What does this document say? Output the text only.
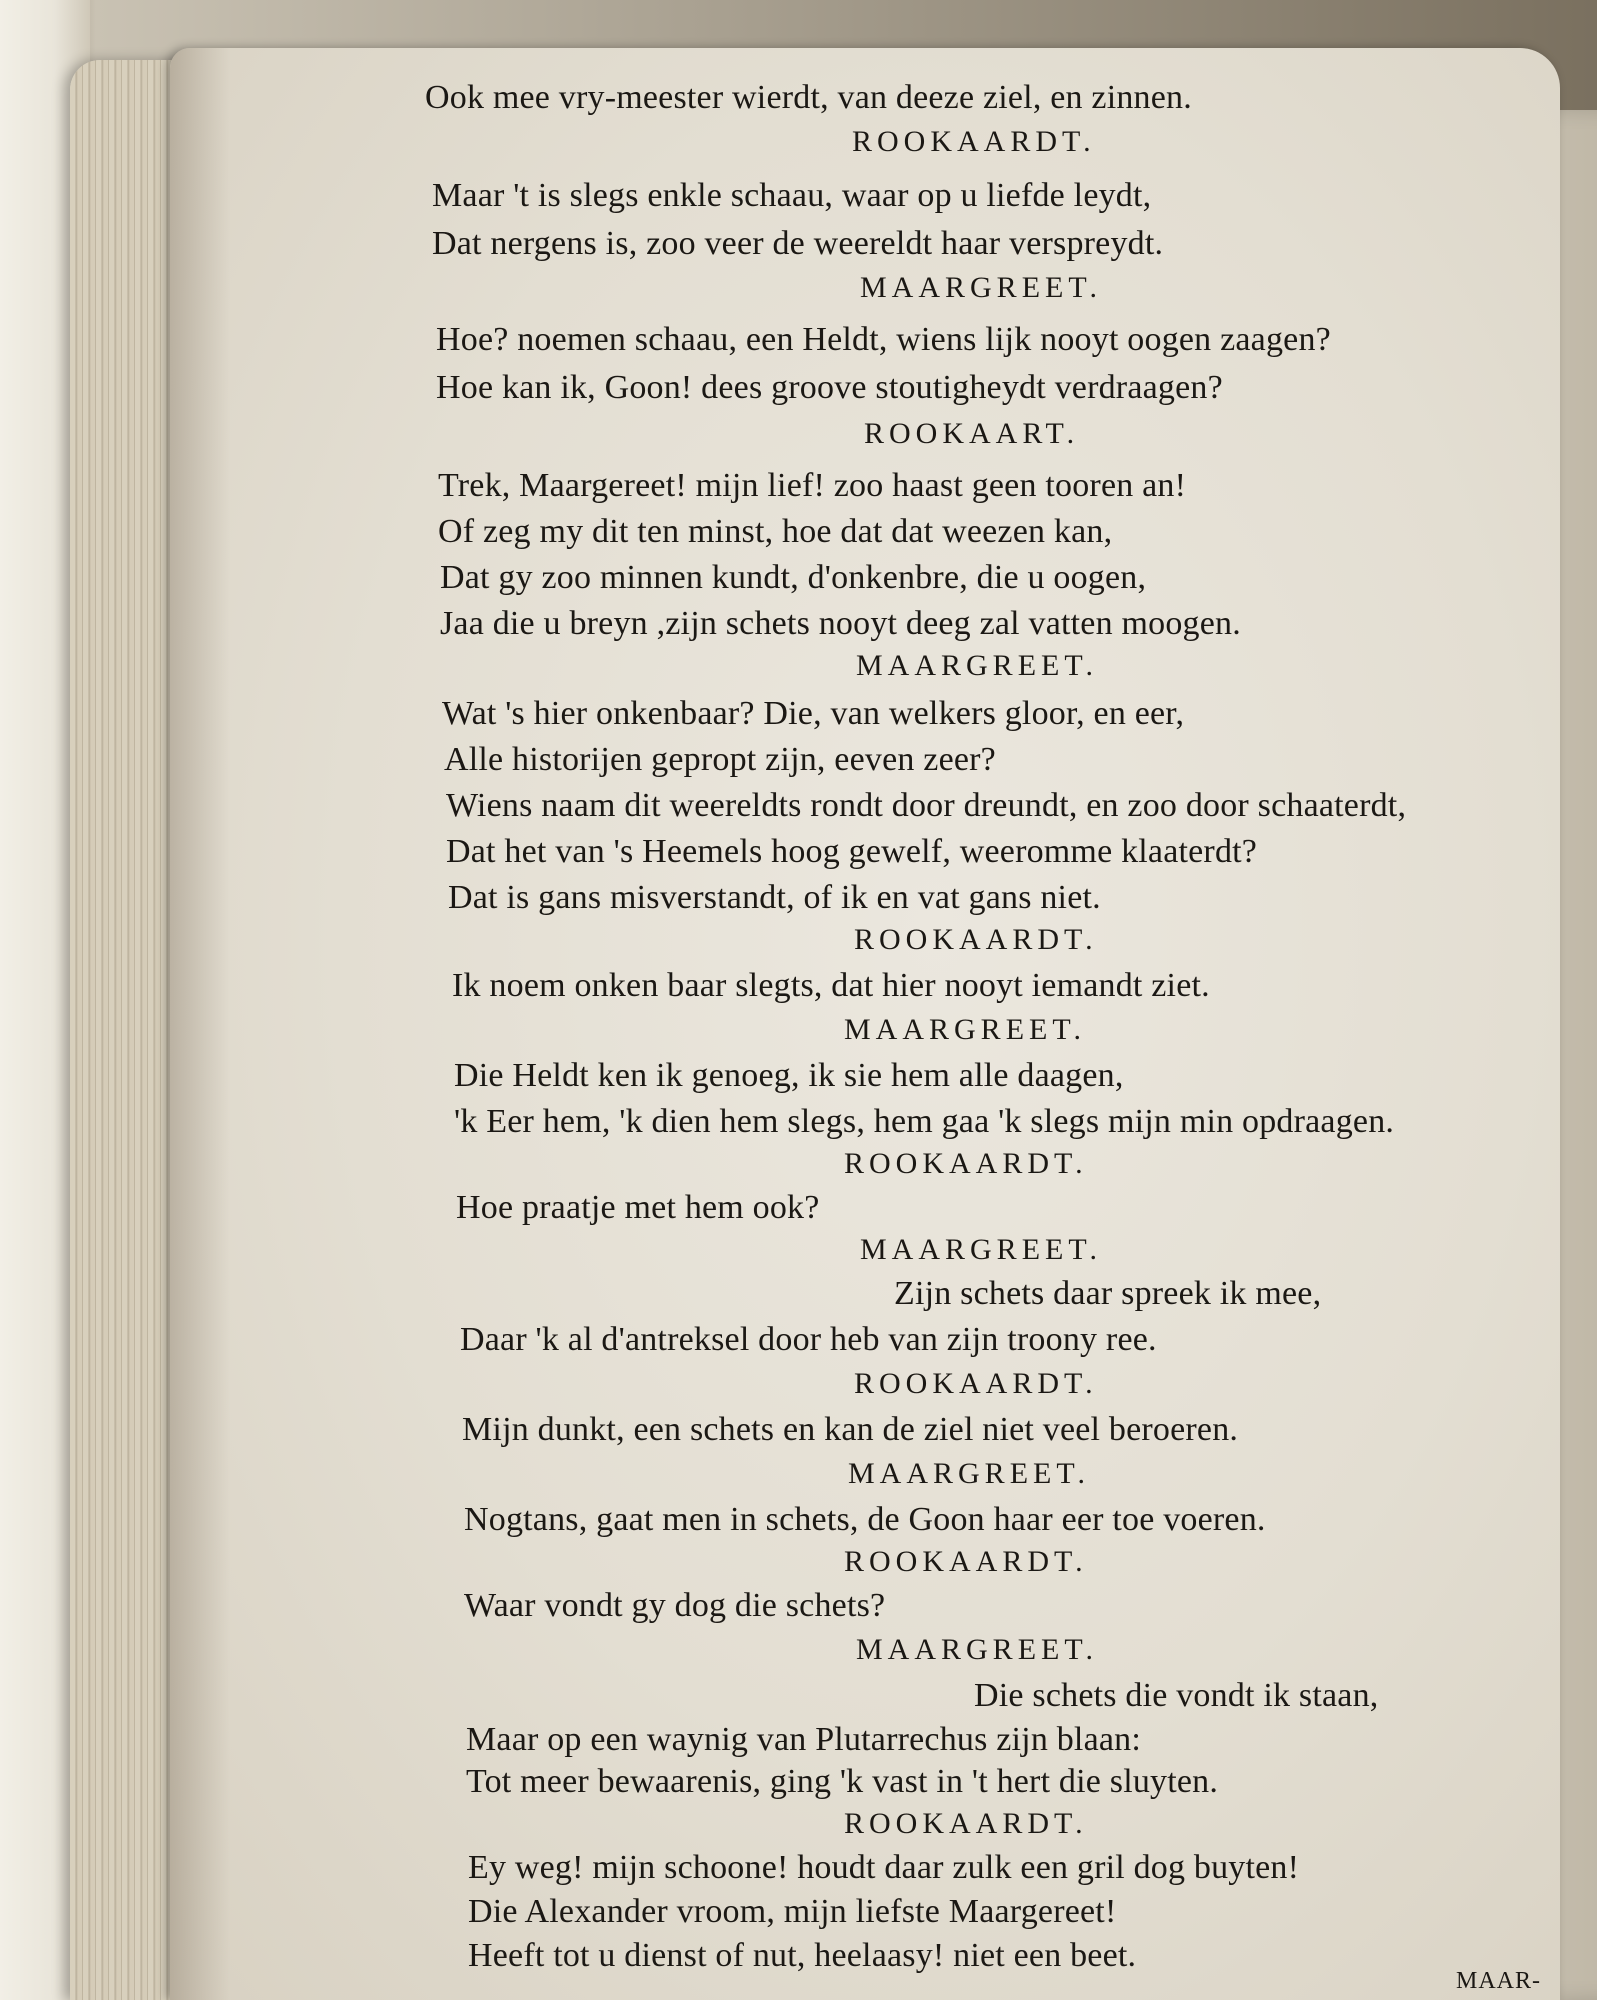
Ook mee vry-meester wierdt, van deeze ziel, en zinnen.
ROOKAARDT.
Maar 't is slegs enkle schaau, waar op u liefde leydt,
Dat nergens is, zoo veer de weereldt haar verspreydt.
MAARGREET.
Hoe? noemen schaau, een Heldt, wiens lijk nooyt oogen zaagen?
Hoe kan ik, Goon! dees groove stoutigheydt verdraagen?
ROOKAART.
Trek, Maargereet! mijn lief! zoo haast geen tooren an!
Of zeg my dit ten minst, hoe dat dat weezen kan,
Dat gy zoo minnen kundt, d'onkenbre, die u oogen,
Jaa die u breyn ,zijn schets nooyt deeg zal vatten moogen.
MAARGREET.
Wat 's hier onkenbaar? Die, van welkers gloor, en eer,
Alle historijen gepropt zijn, eeven zeer?
Wiens naam dit weereldts rondt door dreundt, en zoo door schaaterdt,
Dat het van 's Heemels hoog gewelf, weeromme klaaterdt?
Dat is gans misverstandt, of ik en vat gans niet.
ROOKAARDT.
Ik noem onken baar slegts, dat hier nooyt iemandt ziet.
MAARGREET.
Die Heldt ken ik genoeg, ik sie hem alle daagen,
'k Eer hem, 'k dien hem slegs, hem gaa 'k slegs mijn min opdraagen.
ROOKAARDT.
Hoe praatje met hem ook?
MAARGREET.
Zijn schets daar spreek ik mee,
Daar 'k al d'antreksel door heb van zijn troony ree.
ROOKAARDT.
Mijn dunkt, een schets en kan de ziel niet veel beroeren.
MAARGREET.
Nogtans, gaat men in schets, de Goon haar eer toe voeren.
ROOKAARDT.
Waar vondt gy dog die schets?
MAARGREET.
Die schets die vondt ik staan,
Maar op een waynig van Plutarrechus zijn blaan:
Tot meer bewaarenis, ging 'k vast in 't hert die sluyten.
ROOKAARDT.
Ey weg! mijn schoone! houdt daar zulk een gril dog buyten!
Die Alexander vroom, mijn liefste Maargereet!
Heeft tot u dienst of nut, heelaasy! niet een beet.
MAAR-
